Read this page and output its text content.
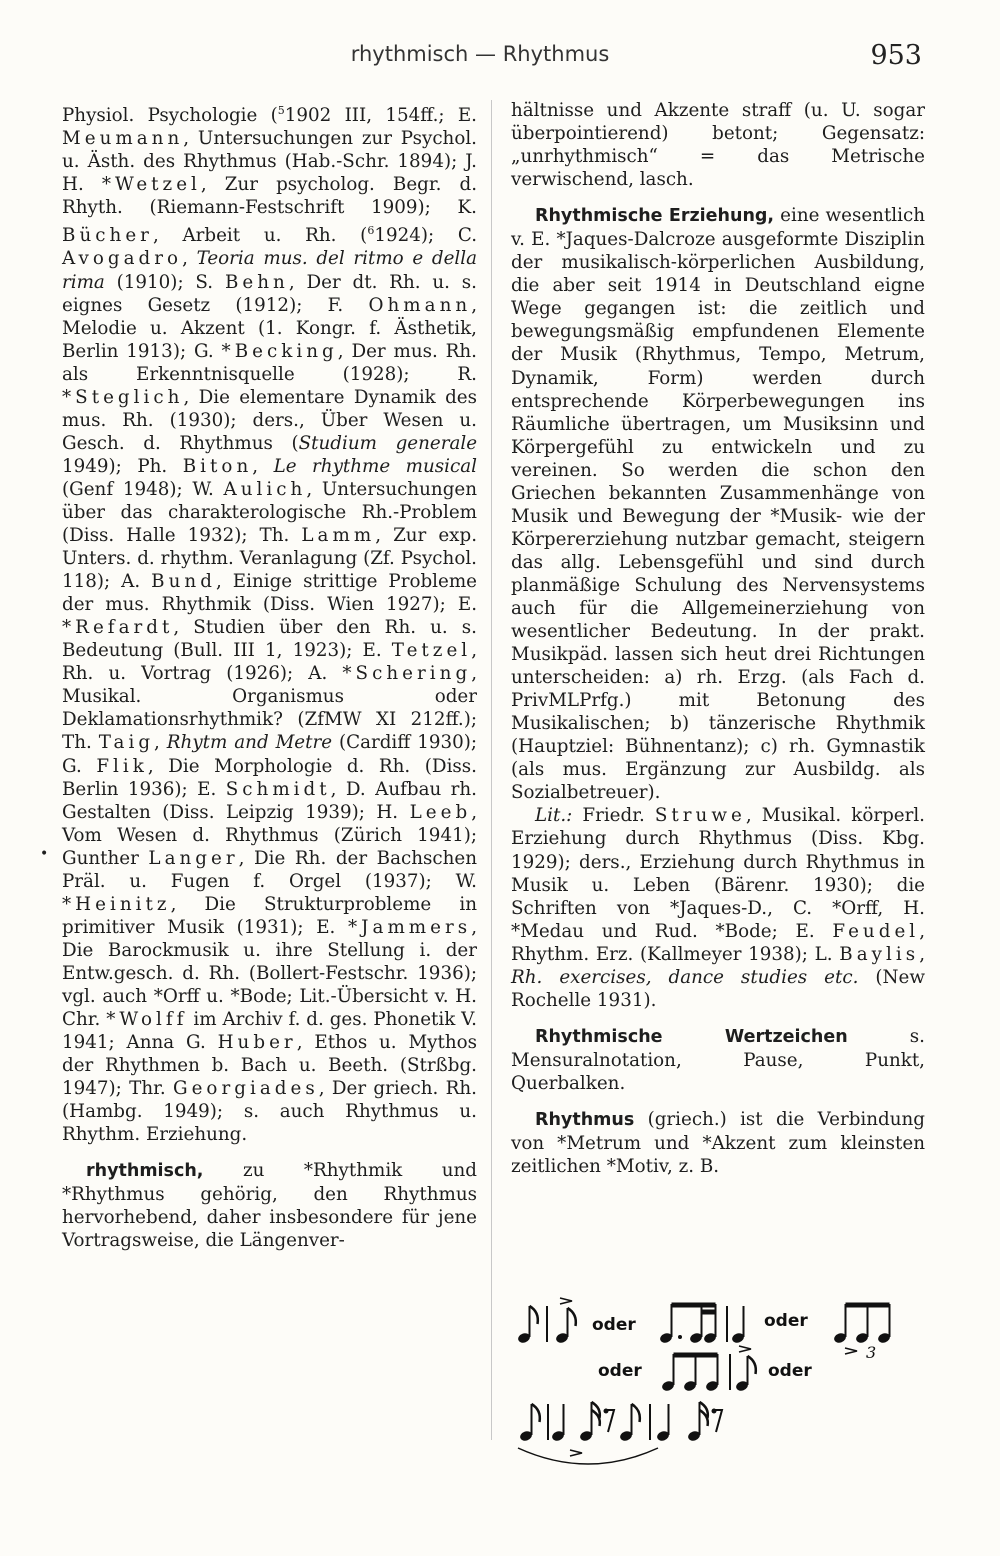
rhythmisch — Rhythmus	953
•

Physiol. Psychologie ($^5$1902 III, 154ff.; E. Meumann, Untersuchungen zur Psychol. u. Ästh. des Rhythmus (Hab.-Schr. 1894); J. H. *Wetzel, Zur psycholog. Begr. d. Rhyth. (Riemann-Festschrift 1909); K. Bücher, Arbeit u. Rh. ($^6$1924); C. Avogadro, Teoria mus. del ritmo e della rima (1910); S. Behn, Der dt. Rh. u. s. eignes Gesetz (1912); F. Ohmann, Melodie u. Akzent (1. Kongr. f. Ästhetik, Berlin 1913); G. *Becking, Der mus. Rh. als Erkenntnisquelle (1928); R. *Steglich, Die elementare Dynamik des mus. Rh. (1930); ders., Über Wesen u. Gesch. d. Rhythmus (Studium generale 1949); Ph. Biton, Le rhythme musical (Genf 1948); W. Aulich, Untersuchungen über das charakterologische Rh.-Problem (Diss. Halle 1932); Th. Lamm, Zur exp. Unters. d. rhythm. Veranlagung (Zf. Psychol. 118); A. Bund, Einige strittige Probleme der mus. Rhythmik (Diss. Wien 1927); E. *Refardt, Studien über den Rh. u. s. Bedeutung (Bull. III 1, 1923); E. Tetzel, Rh. u. Vortrag (1926); A. *Schering, Musikal. Organismus oder Deklamationsrhythmik? (ZfMW XI 212ff.); Th. Taig, Rhytm and Metre (Cardiff 1930); G. Flik, Die Morphologie d. Rh. (Diss. Berlin 1936); E. Schmidt, D. Aufbau rh. Gestalten (Diss. Leipzig 1939); H. Leeb, Vom Wesen d. Rhythmus (Zürich 1941); Gunther Langer, Die Rh. der Bachschen Präl. u. Fugen f. Orgel (1937); W. *Heinitz, Die Strukturprobleme in primitiver Musik (1931); E. *Jammers, Die Barockmusik u. ihre Stellung i. der Entw.gesch. d. Rh. (Bollert-Festschr. 1936); vgl. auch *Orff u. *Bode; Lit.-Übersicht v. H. Chr. *Wolff im Archiv f. d. ges. Phonetik V. 1941; Anna G. Huber, Ethos u. Mythos der Rhythmen b. Bach u. Beeth. (Strßbg. 1947); Thr. Georgiades, Der griech. Rh. (Hambg. 1949); s. auch Rhythmus u. Rhythm. Erziehung.

rhythmisch, zu *Rhythmik und *Rhythmus gehörig, den Rhythmus hervorhebend, daher insbesondere für jene Vortragsweise, die Längenver-

hältnisse und Akzente straff (u. U. sogar überpointierend) betont; Gegensatz: „unrhythmisch“ = das Metrische verwischend, lasch.

Rhythmische Erziehung, eine wesentlich v. E. *Jaques-Dalcroze ausgeformte Disziplin der musikalisch-körperlichen Ausbildung, die aber seit 1914 in Deutschland eigne Wege gegangen ist: die zeitlich und bewegungsmäßig empfundenen Elemente der Musik (Rhythmus, Tempo, Metrum, Dynamik, Form) werden durch entsprechende Körperbewegungen ins Räumliche übertragen, um Musiksinn und Körpergefühl zu entwickeln und zu vereinen. So werden die schon den Griechen bekannten Zusammenhänge von Musik und Bewegung der *Musik- wie der Körpererziehung nutzbar gemacht, steigern das allg. Lebensgefühl und sind durch planmäßige Schulung des Nervensystems auch für die Allgemeinerziehung von wesentlicher Bedeutung. In der prakt. Musikpäd. lassen sich heut drei Richtungen unterscheiden: a) rh. Erzg. (als Fach d. PrivMLPrfg.) mit Betonung des Musikalischen; b) tänzerische Rhythmik (Hauptziel: Bühnentanz); c) rh. Gymnastik (als mus. Ergänzung zur Ausbildg. als Sozialbetreuer).

Lit.: Friedr. Struwe, Musikal. körperl. Erziehung durch Rhythmus (Diss. Kbg. 1929); ders., Erziehung durch Rhythmus in Musik u. Leben (Bärenr. 1930); die Schriften von *Jaques-D., C. *Orff, H. *Medau und Rud. *Bode; E. Feudel, Rhythm. Erz. (Kallmeyer 1938); L. Baylis, Rh. exercises, dance studies etc. (New Rochelle 1931).

Rhythmische Wertzeichen s. Mensuralnotation, Pause, Punkt, Querbalken.

Rhythmus (griech.) ist die Verbindung von *Metrum und *Akzent zum kleinsten zeitlichen *Motiv, z. B.

oder	oder
3
oder	oder
